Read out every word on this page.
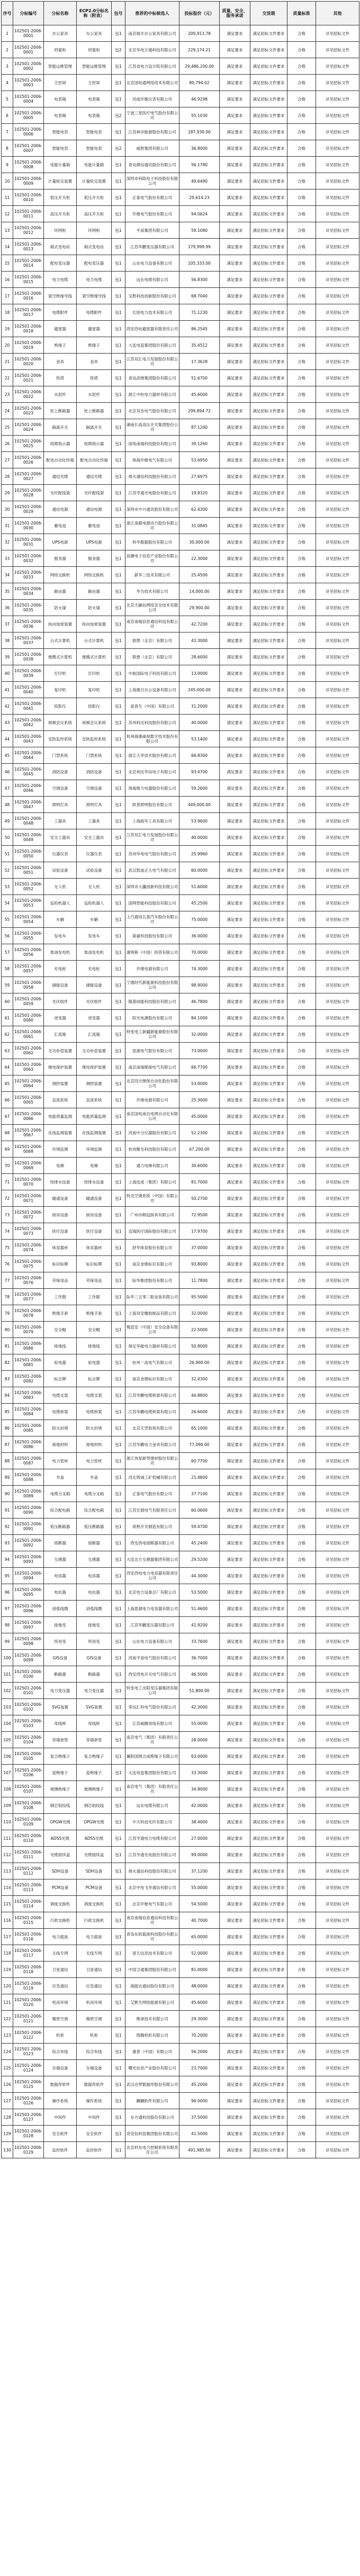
序号	分标编号	分标名称	ECP2.0分标名称（附表）	包号	推荐的中标候选人	投标报价（元）	质量、安全、服务承诺	交货期	质量标准	其他
1	102501-2006-0001	办公家具	办公家具	包1	南京瑞丰办公家具有限公司	209,913.78	满足要求	满足招标文件要求	合格	详见招标文件
2	102501-2006-0001	档案柜	档案柜	包2	北京华电万通科技有限公司	229,174.21	满足要求	满足招标文件要求	合格	详见招标文件
3	102501-2006-0002	智能运维管理	智能运维管理	包1	江苏省电力设计院有限公司	29,486,200.00	满足要求	满足招标文件要求	合格	详见招标文件
4	102501-2006-0003	主控屏	主控屏	包1	北京国电通网络技术有限公司	80,794.02	满足要求	满足招标文件要求	合格	详见招标文件
5	102501-2006-0004	电表箱	电表箱	包1	河南许继仪表有限公司	46.9298	满足要求	满足招标文件要求	合格	详见招标文件
6	102501-2006-0005	电表箱	电表箱	包2	宁波三星医疗电气股份有限公司	55.1030	满足要求	满足招标文件要求	合格	详见招标文件
7	102501-2006-0006	智能电表	智能电表	包1	江苏林洋能源股份有限公司	187,930.00	满足要求	满足招标文件要求	合格	详见招标文件
8	102501-2006-0007	智能电表	智能电表	包2	威胜集团有限公司	36.8000	满足要求	满足招标文件要求	合格	详见招标文件
9	102501-2006-0008	电能计量箱	电能计量箱	包1	青岛鼎信通讯股份有限公司	56.1780	满足要求	满足招标文件要求	合格	详见招标文件
10	102501-2006-0009	计量检定装置	计量检定装置	包1	深圳市科陆电子科技股份有限公司	40.6490	满足要求	满足招标文件要求	合格	详见招标文件
11	102501-2006-0010	低压开关柜	低压开关柜	包1	正泰电气股份有限公司	29,614.23	满足要求	满足招标文件要求	合格	详见招标文件
12	102501-2006-0011	高压开关柜	高压开关柜	包1	许继电气股份有限公司	94.0624	满足要求	满足招标文件要求	合格	详见招标文件
13	102501-2006-0012	环网柜	环网柜	包1	平高集团有限公司	59.1080	满足要求	满足招标文件要求	合格	详见招标文件
14	102501-2006-0013	箱式变电站	箱式变电站	包1	江苏华鹏变压器有限公司	179,999.99	满足要求	满足招标文件要求	合格	详见招标文件
15	102501-2006-0014	配电变压器	配电变压器	包1	山东电力设备有限公司	105,333.00	满足要求	满足招标文件要求	合格	详见招标文件
16	102501-2006-0015	电力电缆	电力电缆	包1	远东电缆有限公司	56.8300	满足要求	满足招标文件要求	合格	详见招标文件
17	102501-2006-0016	架空绝缘导线	架空绝缘导线	包1	宝胜科技创新股份有限公司	68.7040	满足要求	满足招标文件要求	合格	详见招标文件
18	102501-2006-0017	电缆附件	电缆附件	包1	长园电力技术有限公司	71.1230	满足要求	满足招标文件要求	合格	详见招标文件
19	102501-2006-0018	避雷器	避雷器	包1	西安西电避雷器有限责任公司	86.2545	满足要求	满足招标文件要求	合格	详见招标文件
20	102501-2006-0019	绝缘子	绝缘子	包1	大连电瓷集团股份有限公司	35.4512	满足要求	满足招标文件要求	合格	详见招标文件
21	102501-2006-0020	金具	金具	包1	江苏双汇电力发展股份有限公司	17.3628	满足要求	满足招标文件要求	合格	详见招标文件
22	102501-2006-0021	铁塔	铁塔	包1	青岛武晓集团股份有限公司	51.6700	满足要求	满足招标文件要求	合格	详见招标文件
23	102501-2006-0022	水泥杆	水泥杆	包1	浙江中杭电力器材有限公司	45.6000	满足要求	满足招标文件要求	合格	详见招标文件
24	102501-2006-0023	柱上断路器	柱上断路器	包1	北京双杰电气股份有限公司	299,894.72	满足要求	满足招标文件要求	合格	详见招标文件
25	102501-2006-0024	隔离开关	隔离开关	包1	湖南长高高压开关集团股份公司	87.1200	满足要求	满足招标文件要求	合格	详见招标文件
26	102501-2006-0025	故障指示器	故障指示器	包1	国电南瑞科技股份有限公司	39.1260	满足要求	满足招标文件要求	合格	详见招标文件
27	102501-2006-0026	配电自动化终端	配电自动化终端	包1	珠海许继电气有限公司	53.6950	满足要求	满足招标文件要求	合格	详见招标文件
28	102501-2006-0027	通信光缆	通信光缆	包1	烽火通信科技股份有限公司	27.6975	满足要求	满足招标文件要求	合格	详见招标文件
29	102501-2006-0028	光纤配线架	光纤配线架	包1	江苏亨通光电股份有限公司	19.8320	满足要求	满足招标文件要求	合格	详见招标文件
30	102501-2006-0029	通信电源	通信电源	包1	深圳市中兴通讯股份有限公司	62.4300	满足要求	满足招标文件要求	合格	详见招标文件
31	102501-2006-0030	蓄电池	蓄电池	包1	浙江南都电源动力股份有限公司	31.0845	满足要求	满足招标文件要求	合格	详见招标文件
32	102501-2006-0031	UPS电源	UPS电源	包1	科华数据股份有限公司	30,000.00	满足要求	满足招标文件要求	合格	详见招标文件
33	102501-2006-0032	服务器	服务器	包1	浪潮电子信息产业股份有限公司	22.3000	满足要求	满足招标文件要求	合格	详见招标文件
34	102501-2006-0033	网络交换机	网络交换机	包1	新华三技术有限公司	25.4500	满足要求	满足招标文件要求	合格	详见招标文件
35	102501-2006-0034	路由器	路由器	包1	华为技术有限公司	14,000.00	满足要求	满足招标文件要求	合格	详见招标文件
36	102501-2006-0035	防火墙	防火墙	包1	北京天融信网络安全技术有限公司	29,900.00	满足要求	满足招标文件要求	合格	详见招标文件
37	102501-2006-0036	纵向加密装置	纵向加密装置	包1	南京南瑞信息通信科技有限公司	42.7200	满足要求	满足招标文件要求	合格	详见招标文件
38	102501-2006-0037	台式计算机	台式计算机	包1	联想（北京）有限公司	43.3000	满足要求	满足招标文件要求	合格	详见招标文件
39	102501-2006-0038	便携式计算机	便携式计算机	包1	联想（北京）有限公司	28.6000	满足要求	满足招标文件要求	合格	详见招标文件
40	102501-2006-0039	打印机	打印机	包1	中航国际电子科技有限公司	13.0000	满足要求	满足招标文件要求	合格	详见招标文件
41	102501-2006-0040	复印机	复印机	包1	上海震旦办公设备有限公司	245,000.00	满足要求	满足招标文件要求	合格	详见招标文件
42	102501-2006-0041	投影仪	投影仪	包1	爱普生（中国）有限公司	31.2000	满足要求	满足招标文件要求	合格	详见招标文件
43	102501-2006-0042	视频会议系统	视频会议系统	包1	苏州科达科技股份有限公司	40.0000	满足要求	满足招标文件要求	合格	详见招标文件
44	102501-2006-0043	安防监控系统	安防监控系统	包1	杭州海康威视数字技术股份有限公司	53.1400	满足要求	满足招标文件要求	合格	详见招标文件
45	102501-2006-0044	门禁系统	门禁系统	包1	浙江大华技术股份有限公司	66.8300	满足要求	满足招标文件要求	合格	详见招标文件
46	102501-2006-0045	消防设备	消防设备	包1	北京利达华信电子有限公司	93.4700	满足要求	满足招标文件要求	合格	详见招标文件
47	102501-2006-0046	空调设备	空调设备	包1	珠海格力电器股份有限公司	59.2600	满足要求	满足招标文件要求	合格	详见招标文件
48	102501-2006-0047	照明灯具	照明灯具	包1	欧普照明股份有限公司	449,000.00	满足要求	满足招标文件要求	合格	详见招标文件
49	102501-2006-0048	工器具	工器具	包1	上海振华工具有限公司	53.9600	满足要求	满足招标文件要求	合格	详见招标文件
50	102501-2006-0049	安全工器具	安全工器具	包1	江苏双汇电力发展股份有限公司	40.0000	满足要求	满足招标文件要求	合格	详见招标文件
51	102501-2006-0050	仪器仪表	仪器仪表	包1	苏州华电电气股份有限公司	25.9960	满足要求	满足招标文件要求	合格	详见招标文件
52	102501-2006-0051	试验设备	试验设备	包1	武汉凯迪正大电气有限公司	60.0000	满足要求	满足招标文件要求	合格	详见招标文件
53	102501-2006-0052	无人机	无人机	包1	深圳市大疆创新科技有限公司	51.6000	满足要求	满足招标文件要求	合格	详见招标文件
54	102501-2006-0053	巡检机器人	巡检机器人	包1	国网智能科技股份有限公司	45.2500	满足要求	满足招标文件要求	合格	详见招标文件
55	102501-2006-0054	车辆	车辆	包1	上汽通用五菱汽车股份有限公司	75.0000	满足要求	满足招标文件要求	合格	详见招标文件
56	102501-2006-0055	发电车	发电车	包1	泰豪科技股份有限公司	36.0000	满足要求	满足招标文件要求	合格	详见招标文件
57	102501-2006-0056	柴油发电机	柴油发电机	包1	康明斯（中国）投资有限公司	70.0000	满足要求	满足招标文件要求	合格	详见招标文件
58	102501-2006-0057	充电桩	充电桩	包1	许继电源有限公司	74.3000	满足要求	满足招标文件要求	合格	详见招标文件
59	102501-2006-0058	储能设备	储能设备	包1	宁德时代新能源科技股份有限公司	98.9000	满足要求	满足招标文件要求	合格	详见招标文件
60	102501-2006-0059	光伏组件	光伏组件	包1	隆基绿能科技股份有限公司	46.7800	满足要求	满足招标文件要求	合格	详见招标文件
61	102501-2006-0060	逆变器	逆变器	包1	阳光电源股份有限公司	84.1000	满足要求	满足招标文件要求	合格	详见招标文件
62	102501-2006-0061	汇流箱	汇流箱	包1	特变电工新疆新能源股份有限公司	32.0000	满足要求	满足招标文件要求	合格	详见招标文件
63	102501-2006-0062	无功补偿装置	无功补偿装置	包1	思源电气股份有限公司	73.0000	满足要求	满足招标文件要求	合格	详见招标文件
64	102501-2006-0063	继电保护装置	继电保护装置	包1	南京南瑞继保电气有限公司	66.7700	满足要求	满足招标文件要求	合格	详见招标文件
65	102501-2006-0064	测控装置	测控装置	包1	北京四方继保自动化股份有限公司	53.0000	满足要求	满足招标文件要求	合格	详见招标文件
66	102501-2006-0065	直流系统	直流系统	包1	许继电源有限公司	25.3000	满足要求	满足招标文件要求	合格	详见招标文件
67	102501-2006-0066	电能质量监测	电能质量监测	包1	南京国电南自电网自动化有限公司	45.0000	满足要求	满足招标文件要求	合格	详见招标文件
68	102501-2006-0067	在线监测装置	在线监测装置	包1	河南中分仪器股份有限公司	52.2300	满足要求	满足招标文件要求	合格	详见招标文件
69	102501-2006-0068	环境监测	环境监测	包1	杭州聚光科技股份有限公司	67,200.00	满足要求	满足招标文件要求	合格	详见招标文件
70	102501-2006-0069	电梯	电梯	包1	通力电梯有限公司	30.6000	满足要求	满足招标文件要求	合格	详见招标文件
71	102501-2006-0070	给排水设备	给排水设备	包1	上海连成（集团）有限公司	81.7000	满足要求	满足招标文件要求	合格	详见招标文件
72	102501-2006-0071	暖通设备	暖通设备	包1	特灵空调系统（中国）有限公司	50.2700	满足要求	满足招标文件要求	合格	详见招标文件
73	102501-2006-0072	厨房设备	厨房设备	包1	广州市顺冠厨具有限公司	72.9500	满足要求	满足招标文件要求	合格	详见招标文件
74	102501-2006-0073	医疗设备	医疗设备	包1	迈瑞医疗国际股份有限公司	17.9700	满足要求	满足招标文件要求	合格	详见招标文件
75	102501-2006-0074	体育器材	体育器材	包1	舒华体育股份有限公司	37.0000	满足要求	满足招标文件要求	合格	详见招标文件
76	102501-2006-0075	标识标牌	标识标牌	包1	南京金鼎标识有限公司	93.8000	满足要求	满足招标文件要求	合格	详见招标文件
77	102501-2006-0076	劳保用品	劳保用品	包1	际华集团股份有限公司	11.7800	满足要求	满足招标文件要求	合格	详见招标文件
78	102501-2006-0077	工作服	工作服	包1	际华三五零二职业装有限公司	95.5000	满足要求	满足招标文件要求	合格	详见招标文件
79	102501-2006-0078	绝缘手套	绝缘手套	包1	上海双安橡胶制品有限公司	32.0000	满足要求	满足招标文件要求	合格	详见招标文件
80	102501-2006-0079	安全帽	安全帽	包1	梅思安（中国）安全设备有限公司	22.5000	满足要求	满足招标文件要求	合格	详见招标文件
81	102501-2006-0080	接地线	接地线	包1	保定华能电力器材有限公司	50.8000	满足要求	满足招标文件要求	合格	详见招标文件
82	102501-2006-0081	验电器	验电器	包1	杭州一高电气有限公司	26,900.00	满足要求	满足招标文件要求	合格	详见招标文件
83	102501-2006-0082	标志牌	标志牌	包1	南京金鼎标识有限公司	32.4300	满足要求	满足招标文件要求	合格	详见招标文件
84	102501-2006-0083	电缆支架	电缆支架	包1	江苏华鹏电缆桥架有限公司	44.8800	满足要求	满足招标文件要求	合格	详见招标文件
85	102501-2006-0084	电缆桥架	电缆桥架	包1	江苏华鹏电缆桥架有限公司	26.6000	满足要求	满足招标文件要求	合格	详见招标文件
86	102501-2006-0085	防火封堵	防火封堵	包1	北京天罡助剂有限公司	65.1000	满足要求	满足招标文件要求	合格	详见招标文件
87	102501-2006-0086	接地材料	接地材料	包1	江苏华鹏电力金具有限公司	77,090.00	满足要求	满足招标文件要求	合格	详见招标文件
88	102501-2006-0087	电力管材	电力管材	包1	浙江伟星新型建材股份有限公司	60.7700	满足要求	满足招标文件要求	合格	详见招标文件
89	102501-2006-0088	井盖	井盖	包1	河北铸诚工矿机械有限公司	21.4800	满足要求	满足招标文件要求	合格	详见招标文件
90	102501-2006-0089	电缆分支箱	电缆分支箱	包1	正泰电气股份有限公司	37.7100	满足要求	满足招标文件要求	合格	详见招标文件
91	102501-2006-0090	综合配电箱	综合配电箱	包1	江苏宏源电气有限责任公司	60.0600	满足要求	满足招标文件要求	合格	详见招标文件
92	102501-2006-0091	低压断路器	低压断路器	包1	常熟开关制造有限公司	59.4700	满足要求	满足招标文件要求	合格	详见招标文件
93	102501-2006-0092	熔断器	熔断器	包1	西安西电熔断器有限公司	45.2400	满足要求	满足招标文件要求	合格	详见招标文件
94	102501-2006-0093	互感器	互感器	包1	大连北方互感器集团有限公司	29.5200	满足要求	满足招标文件要求	合格	详见招标文件
95	102501-2006-0094	电容器	电容器	包1	西安西电电力电容器有限责任公司	44.3000	满足要求	满足招标文件要求	合格	详见招标文件
96	102501-2006-0095	电抗器	电抗器	包1	北京电力设备总厂有限公司	53.5000	满足要求	满足招标文件要求	合格	详见招标文件
97	102501-2006-0096	消弧线圈	消弧线圈	包1	上海思源电力电容器有限公司	51.4600	满足要求	满足招标文件要求	合格	详见招标文件
98	102501-2006-0097	接地变	接地变	包1	江苏华鹏变压器有限公司	41.9200	满足要求	满足招标文件要求	合格	详见招标文件
99	102501-2006-0098	所用变	所用变	包1	山东电力设备有限公司	33.7600	满足要求	满足招标文件要求	合格	详见招标文件
100	102501-2006-0099	GIS设备	GIS设备	包1	河南平高电气股份有限公司	36.7000	满足要求	满足招标文件要求	合格	详见招标文件
101	102501-2006-0100	断路器	断路器	包1	西安西电开关电气有限公司	46.5000	满足要求	满足招标文件要求	合格	详见招标文件
102	102501-2006-0101	电力变压器	电力变压器	包1	特变电工沈阳变压器集团有限公司	51,800.00	满足要求	满足招标文件要求	合格	详见招标文件
103	102501-2006-0102	SVG装置	SVG装置	包1	荣信汇科电气股份有限公司	42.3000	满足要求	满足招标文件要求	合格	详见招标文件
104	102501-2006-0103	母线桥	母线桥	包1	江苏威腾母线有限公司	55.0000	满足要求	满足招标文件要求	合格	详见招标文件
105	102501-2006-0104	穿墙套管	穿墙套管	包1	南京电气（集团）有限责任公司	28.0000	满足要求	满足招标文件要求	合格	详见招标文件
106	102501-2006-0105	复合绝缘子	复合绝缘子	包1	襄阳国网合成绝缘子有限公司	63.0000	满足要求	满足招标文件要求	合格	详见招标文件
107	102501-2006-0106	瓷绝缘子	瓷绝缘子	包1	大连电瓷集团股份有限公司	33.3000	满足要求	满足招标文件要求	合格	详见招标文件
108	102501-2006-0107	玻璃绝缘子	玻璃绝缘子	包1	南京电气（集团）有限责任公司	34.8000	满足要求	满足招标文件要求	合格	详见招标文件
109	102501-2006-0108	钢芯铝绞线	钢芯铝绞线	包1	远东电缆有限公司	42.0000	满足要求	满足招标文件要求	合格	详见招标文件
110	102501-2006-0109	OPGW光缆	OPGW光缆	包1	中天科技光纤有限公司	38.4000	满足要求	满足招标文件要求	合格	详见招标文件
111	102501-2006-0110	ADSS光缆	ADSS光缆	包1	江苏亨通电力电缆有限公司	27.0000	满足要求	满足招标文件要求	合格	详见招标文件
112	102501-2006-0111	光缆接续盒	光缆接续盒	包1	江苏亨通光电股份有限公司	99.0000	满足要求	满足招标文件要求	合格	详见招标文件
113	102501-2006-0112	SDH设备	SDH设备	包1	烽火通信科技股份有限公司	37.1200	满足要求	满足招标文件要求	合格	详见招标文件
114	102501-2006-0113	PCM设备	PCM设备	包1	北京中电飞华通信有限公司	55.0000	满足要求	满足招标文件要求	合格	详见招标文件
115	102501-2006-0114	调度交换机	调度交换机	包1	北京许继电气有限公司	54.5000	满足要求	满足招标文件要求	合格	详见招标文件
116	102501-2006-0115	行政交换机	行政交换机	包1	南京南瑞信息通信科技有限公司	40.7000	满足要求	满足招标文件要求	合格	详见招标文件
117	102501-2006-0116	电力载波	电力载波	包1	青岛东软载波科技股份有限公司	65.0000	满足要求	满足招标文件要求	合格	详见招标文件
118	102501-2006-0117	无线专网	无线专网	包1	普天信息技术有限公司	52.0000	满足要求	满足招标文件要求	合格	详见招标文件
119	102501-2006-0118	卫星通信	卫星通信	包1	中国卫通集团股份有限公司	81.0000	满足要求	满足招标文件要求	合格	详见招标文件
120	102501-2006-0119	应急通信	应急通信	包1	海能达通信股份有限公司	48.0000	满足要求	满足招标文件要求	合格	详见招标文件
121	102501-2006-0120	机房环境	机房环境	包1	艾默生网络能源有限公司	45.6000	满足要求	满足招标文件要求	合格	详见招标文件
122	102501-2006-0121	精密空调	精密空调	包1	维谛技术有限公司	29.3000	满足要求	满足招标文件要求	合格	详见招标文件
123	102501-2006-0122	机柜	机柜	包1	图腾机柜有限公司	70.2000	满足要求	满足招标文件要求	合格	详见招标文件
124	102501-2006-0123	综合布线	综合布线	包1	康普（中国）有限公司	56.2000	满足要求	满足招标文件要求	合格	详见招标文件
125	102501-2006-0124	存储设备	存储设备	包1	曙光信息产业股份有限公司	23.7000	满足要求	满足招标文件要求	合格	详见招标文件
126	102501-2006-0125	数据库软件	数据库软件	包1	武汉达梦数据库股份有限公司	45.2000	满足要求	满足招标文件要求	合格	详见招标文件
127	102501-2006-0126	操作系统	操作系统	包1	麒麟软件有限公司	96.0000	满足要求	满足招标文件要求	合格	详见招标文件
128	102501-2006-0127	中间件	中间件	包1	东方通科技股份有限公司	37.5000	满足要求	满足招标文件要求	合格	详见招标文件
129	102501-2006-0128	安全软件	安全软件	包1	奇安信科技集团股份有限公司	41.5000	满足要求	满足招标文件要求	合格	详见招标文件
130	102501-2006-0129	监控软件	监控软件	包1	北京科东电力控制系统有限责任公司	491,985.00	满足要求	满足招标文件要求	合格	详见招标文件
